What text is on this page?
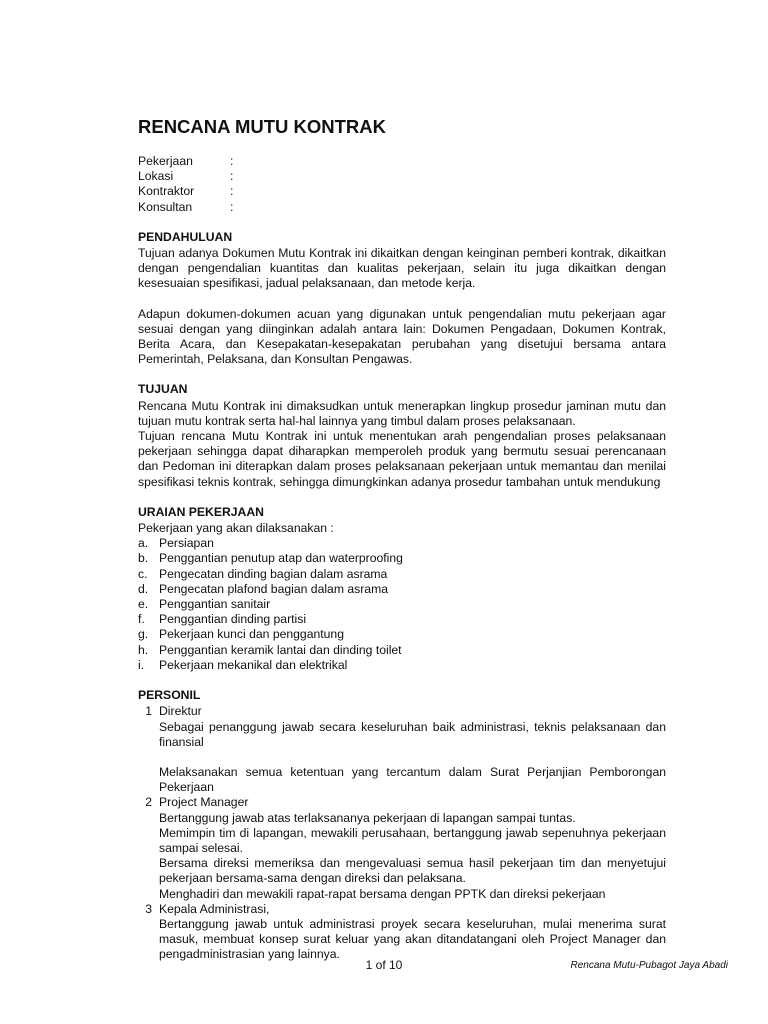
RENCANA MUTU KONTRAK
Pekerjaan	:
Lokasi	:
Kontraktor	:
Konsultan	:
PENDAHULUAN

Tujuan adanya Dokumen Mutu Kontrak ini dikaitkan dengan keinginan pemberi kontrak, dikaitkan dengan pengendalian kuantitas dan kualitas pekerjaan, selain itu juga dikaitkan dengan kesesuaian spesifikasi, jadual pelaksanaan, dan metode kerja.

Adapun dokumen-dokumen acuan yang digunakan untuk pengendalian mutu pekerjaan agar sesuai dengan yang diinginkan adalah antara lain: Dokumen Pengadaan, Dokumen Kontrak, Berita Acara, dan Kesepakatan-kesepakatan perubahan yang disetujui bersama antara Pemerintah, Pelaksana, dan Konsultan Pengawas.

TUJUAN

Rencana Mutu Kontrak ini dimaksudkan untuk menerapkan lingkup prosedur jaminan mutu dan tujuan mutu kontrak serta hal-hal lainnya yang timbul dalam proses pelaksanaan.

Tujuan rencana Mutu Kontrak ini untuk menentukan arah pengendalian proses pelaksanaan pekerjaan sehingga dapat diharapkan memperoleh produk yang bermutu sesuai perencanaan dan Pedoman ini diterapkan dalam proses pelaksanaan pekerjaan untuk memantau dan menilai spesifikasi teknis kontrak, sehingga dimungkinkan adanya prosedur tambahan untuk mendukung

URAIAN PEKERJAAN
Pekerjaan yang akan dilaksanakan :
a. Persiapan
b. Penggantian penutup atap dan waterproofing
c. Pengecatan dinding bagian dalam asrama
d. Pengecatan plafond bagian dalam asrama
e. Penggantian sanitair
f.	Penggantian dinding partisi
g. Pekerjaan kunci dan penggantung
h. Penggantian keramik lantai dan dinding toilet
i.	Pekerjaan mekanikal dan elektrikal
PERSONIL
1 Direktur

Sebagai penanggung jawab secara keseluruhan baik administrasi, teknis pelaksanaan dan finansial

Melaksanakan semua ketentuan yang tercantum dalam Surat Perjanjian Pemborongan Pekerjaan

2 Project Manager

Bertanggung jawab atas terlaksananya pekerjaan di lapangan sampai tuntas.

Memimpin tim di lapangan, mewakili perusahaan, bertanggung jawab sepenuhnya pekerjaan sampai selesai.

Bersama direksi memeriksa dan mengevaluasi semua hasil pekerjaan tim dan menyetujui pekerjaan bersama-sama dengan direksi dan pelaksana.

Menghadiri dan mewakili rapat-rapat bersama dengan PPTK dan direksi pekerjaan

3 Kepala Administrasi,

Bertanggung jawab untuk administrasi proyek secara keseluruhan, mulai menerima surat masuk, membuat konsep surat keluar yang akan ditandatangani oleh Project Manager dan pengadministrasian yang lainnya.

1 of 10	Rencana Mutu-Pubagot Jaya Abadi
